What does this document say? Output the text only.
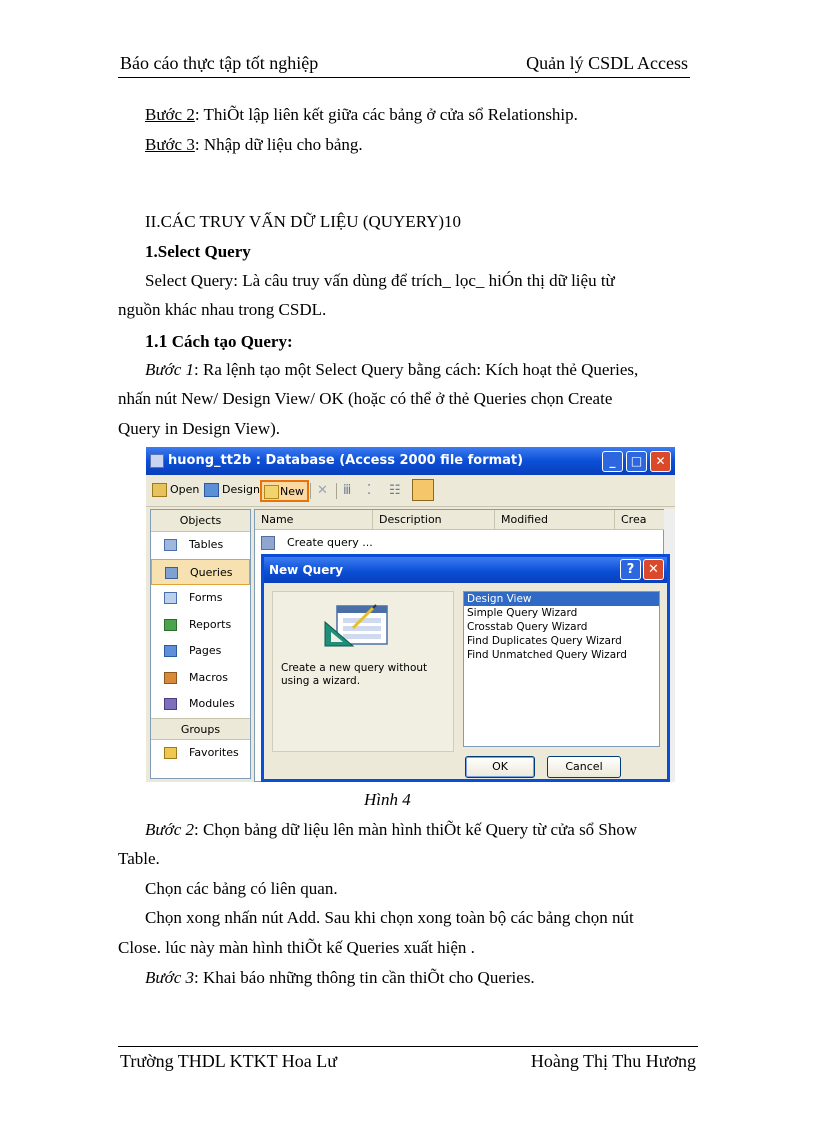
Báo cáo thực tập tốt nghiệp	Quản lý CSDL Access
Bước 2: ThiÕt lập liên kết giữa các bảng ở cửa sổ Relationship.
Bước 3: Nhập dữ liệu cho bảng.
II.CÁC TRUY VẤN DỮ LIỆU (QUYERY)10
1.Select Query
Select Query: Là câu truy vấn dùng để trích_ lọc_ hiÓn thị dữ liệu từ
nguồn khác nhau trong CSDL.
1.1 Cách tạo Query:
Bước 1: Ra lệnh tạo một Select Query bằng cách: Kích hoạt thẻ Queries,
nhấn nút New/ Design View/ OK (hoặc có thể ở thẻ Queries chọn Create
Query in Design View).
huong_tt2b : Database (Access 2000 file format)	_	□	✕
Open	Design	New	✕ ⅲ ⁚ ☷
Objects
Tables
Queries
Forms
Reports
Pages
Macros
Modules
Groups
Favorites
Name	Description	Modified	Crea
Create query ...
New Query	?	✕
Create a new query without using a wizard.
Design View
Simple Query Wizard
Crosstab Query Wizard
Find Duplicates Query Wizard
Find Unmatched Query Wizard
OK	Cancel
Hình 4
Bước 2: Chọn bảng dữ liệu lên màn hình thiÕt kế Query từ cửa sổ Show
Table.
Chọn các bảng có liên quan.
Chọn xong nhấn nút Add. Sau khi chọn xong toàn bộ các bảng chọn nút
Close. lúc này màn hình thiÕt kế Queries xuất hiện .
Bước 3: Khai báo những thông tin cần thiÕt cho Queries.
Trường THDL KTKT Hoa Lư	Hoàng Thị Thu Hương
